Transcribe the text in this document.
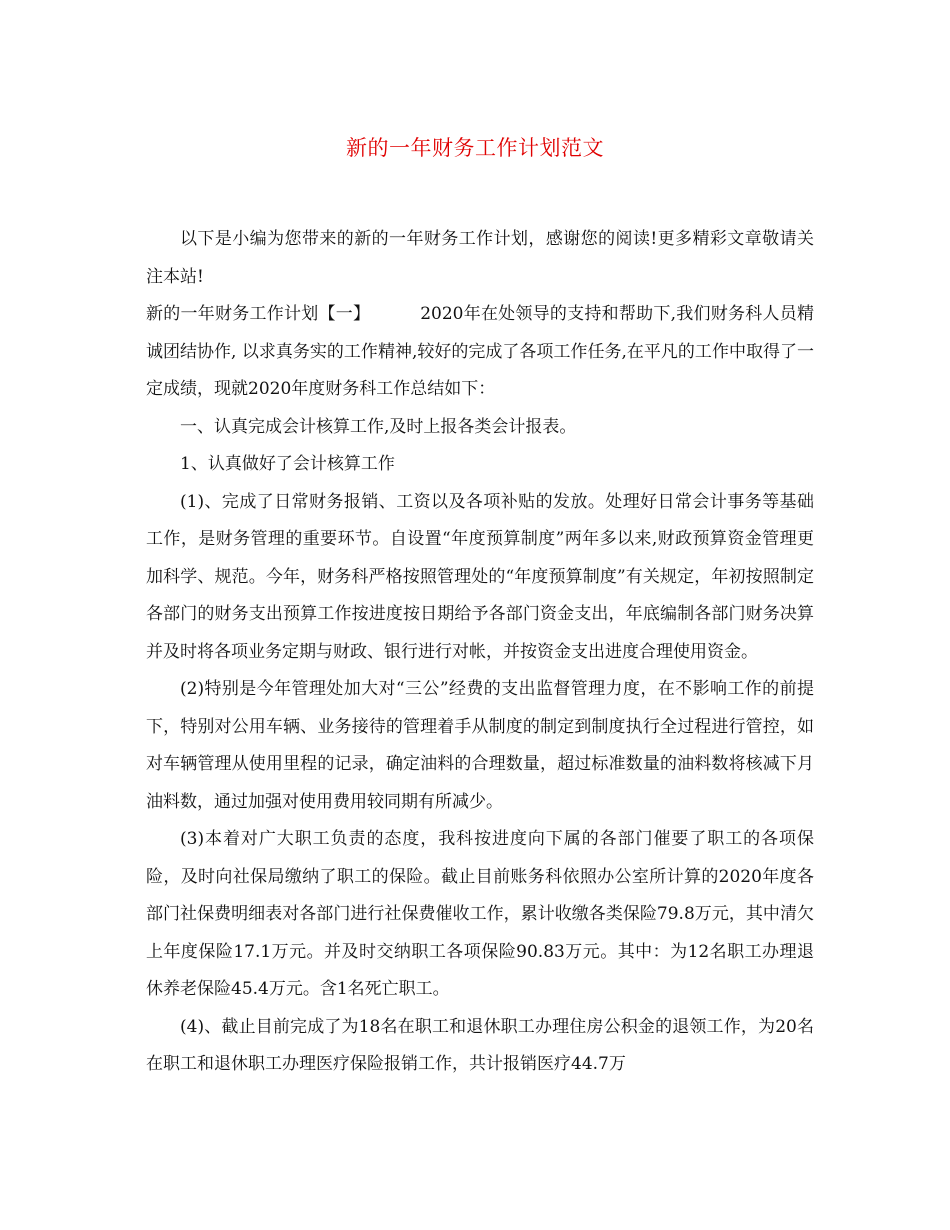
新的一年财务工作计划范文

以下是小编为您带来的新的一年财务工作计划，感谢您的阅读!更多精彩文章敬请关注本站!

新的一年财务工作计划【一】	2020年在处领导的支持和帮助下,我们财务科人员精诚团结协作, 以求真务实的工作精神,较好的完成了各项工作任务,在平凡的工作中取得了一定成绩，现就2020年度财务科工作总结如下：

一、认真完成会计核算工作,及时上报各类会计报表。

1、认真做好了会计核算工作

(1)、完成了日常财务报销、工资以及各项补贴的发放。处理好日常会计事务等基础工作，是财务管理的重要环节。自设置“年度预算制度”两年多以来,财政预算资金管理更加科学、规范。今年，财务科严格按照管理处的“年度预算制度”有关规定，年初按照制定各部门的财务支出预算工作按进度按日期给予各部门资金支出，年底编制各部门财务决算并及时将各项业务定期与财政、银行进行对帐，并按资金支出进度合理使用资金。

(2)特别是今年管理处加大对“三公”经费的支出监督管理力度，在不影响工作的前提下，特别对公用车辆、业务接待的管理着手从制度的制定到制度执行全过程进行管控，如对车辆管理从使用里程的记录，确定油料的合理数量，超过标准数量的油料数将核减下月油料数，通过加强对使用费用较同期有所减少。

(3)本着对广大职工负责的态度，我科按进度向下属的各部门催要了职工的各项保险，及时向社保局缴纳了职工的保险。截止目前账务科依照办公室所计算的2020年度各部门社保费明细表对各部门进行社保费催收工作，累计收缴各类保险79.8万元，其中清欠上年度保险17.1万元。并及时交纳职工各项保险90.83万元。其中：为12名职工办理退休养老保险45.4万元。含1名死亡职工。

(4)、截止目前完成了为18名在职工和退休职工办理住房公积金的退领工作，为20名在职工和退休职工办理医疗保险报销工作，共计报销医疗44.7万
